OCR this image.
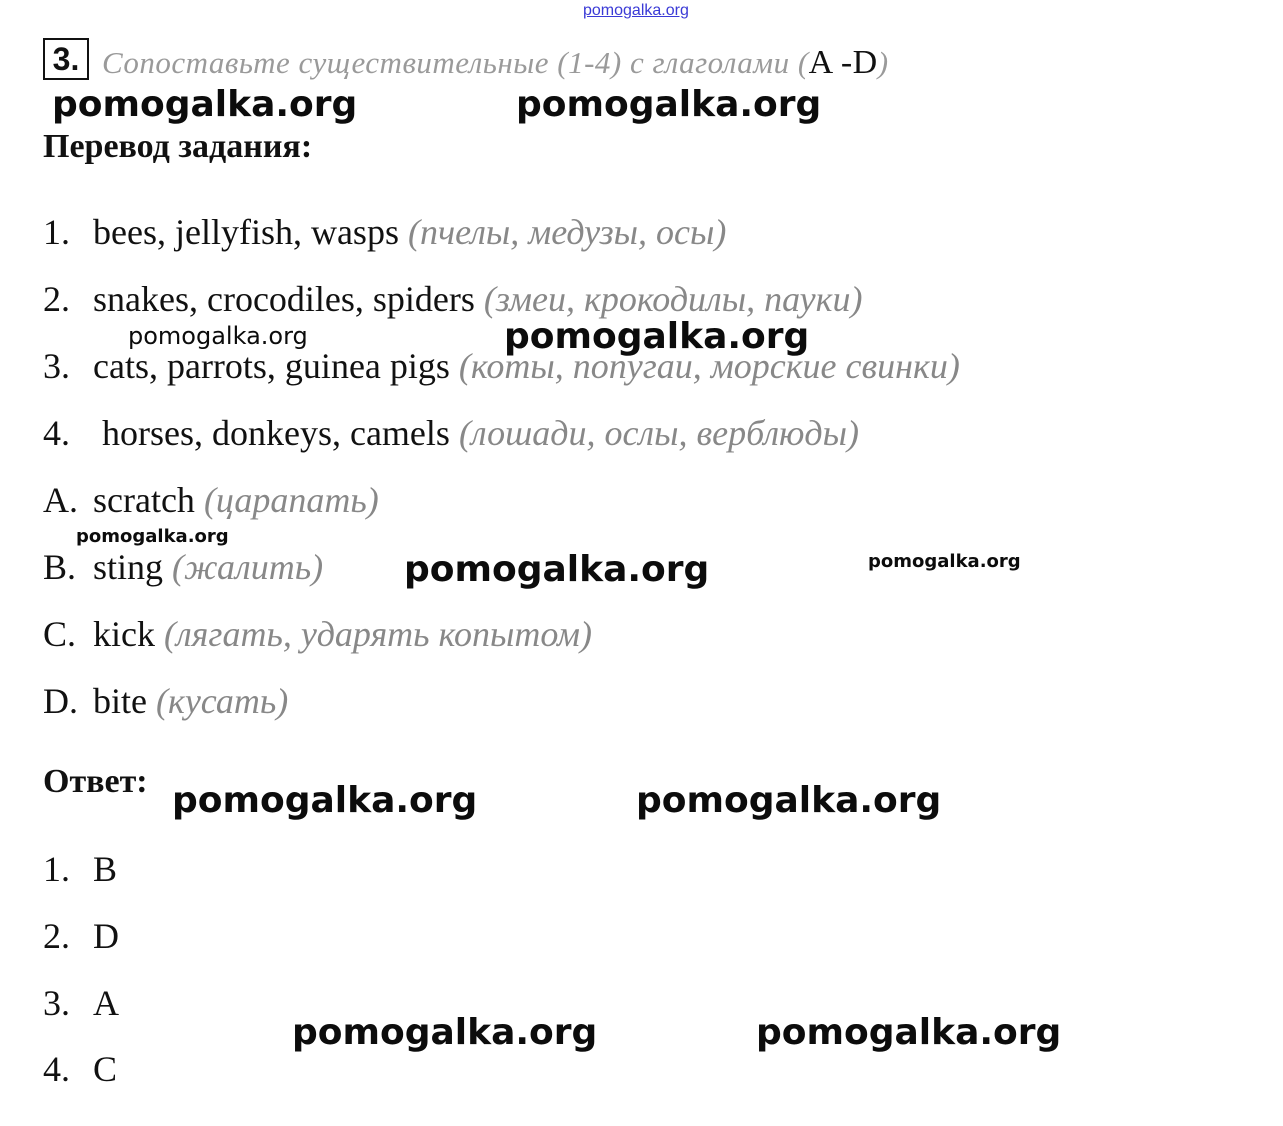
pomogalka.org
3. Сопоставьте существительные (1-4) с глаголами (A -D)
Перевод задания:
1. bees, jellyfish, wasps (пчелы, медузы, осы)
2. snakes, crocodiles, spiders (змеи, крокодилы, пауки)
3. cats, parrots, guinea pigs (коты, попугаи, морские свинки)
4. horses, donkeys, camels (лошади, ослы, верблюды)
A. scratch (царапать)
B. sting (жалить)
C. kick (лягать, ударять копытом)
D. bite (кусать)
Ответ:
1. B
2. D
3. A
4. C
pomogalka.org	pomogalka.org
pomogalka.org	pomogalka.org
pomogalka.org
pomogalka.org	pomogalka.org
pomogalka.org	pomogalka.org
pomogalka.org	pomogalka.org
